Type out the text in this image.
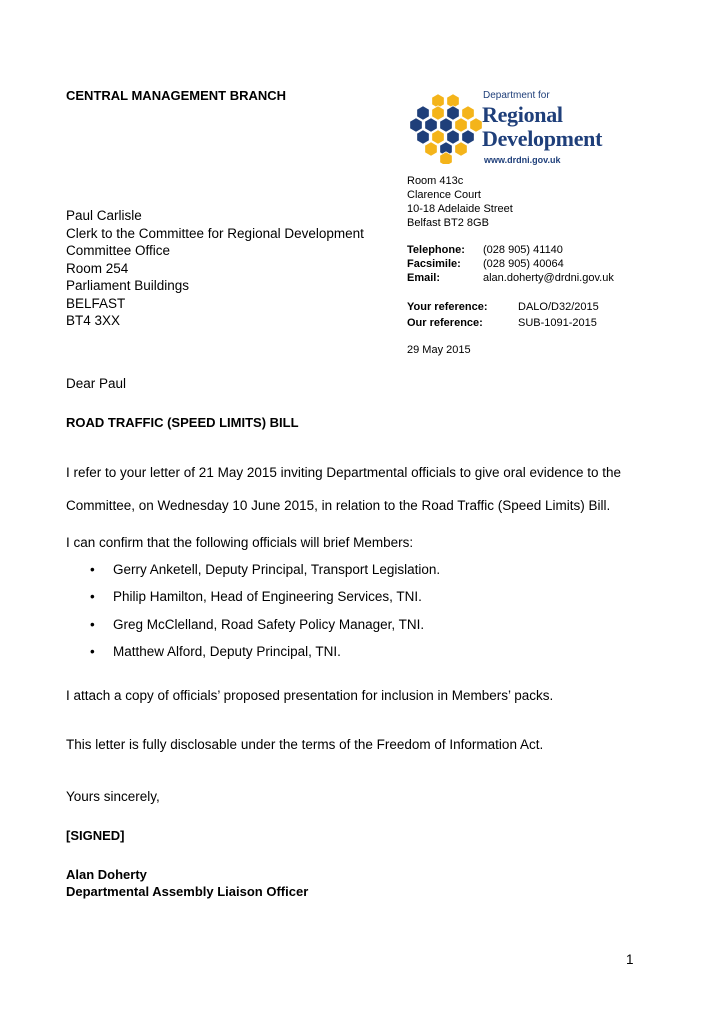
CENTRAL MANAGEMENT BRANCH	Department for
Regional
Development
www.drdni.gov.uk
Room 413c
Clarence Court
10-18 Adelaide Street
Belfast BT2 8GB
Paul Carlisle
Clerk to the Committee for Regional Development
Committee Office
Room 254
Parliament Buildings
BELFAST
BT4 3XX
Telephone: (028 905) 41140
Facsimile: (028 905) 40064
Email:	alan.doherty@drdni.gov.uk
Your reference:	DALO/D32/2015
Our reference:	SUB-1091-2015
29 May 2015
Dear Paul
ROAD TRAFFIC (SPEED LIMITS) BILL
I refer to your letter of 21 May 2015 inviting Departmental officials to give oral evidence to the Committee, on Wednesday 10 June 2015, in relation to the Road Traffic (Speed Limits) Bill.
I can confirm that the following officials will brief Members:
• Gerry Anketell, Deputy Principal, Transport Legislation.
• Philip Hamilton, Head of Engineering Services, TNI.
• Greg McClelland, Road Safety Policy Manager, TNI.
• Matthew Alford, Deputy Principal, TNI.
I attach a copy of officials’ proposed presentation for inclusion in Members’ packs.
This letter is fully disclosable under the terms of the Freedom of Information Act.
Yours sincerely,
[SIGNED]
Alan Doherty
Departmental Assembly Liaison Officer
1
